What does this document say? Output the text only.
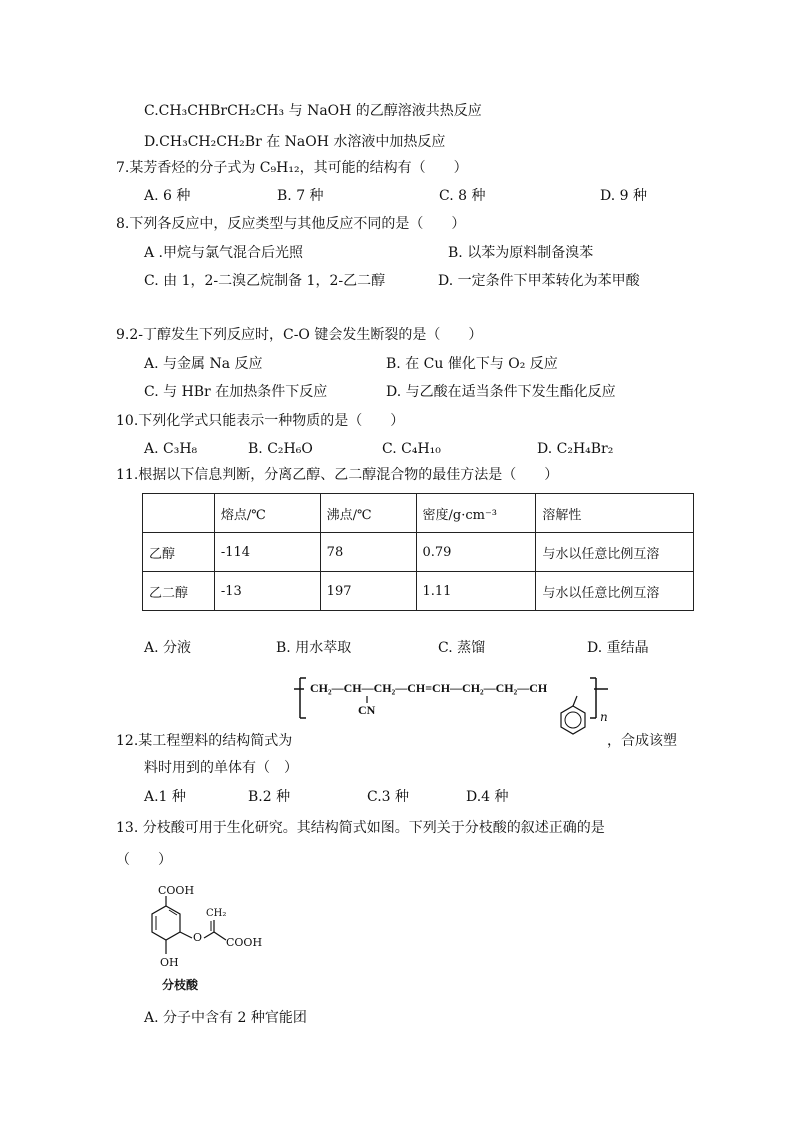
C.CH₃CHBrCH₂CH₃ 与 NaOH 的乙醇溶液共热反应
D.CH₃CH₂CH₂Br 在 NaOH 水溶液中加热反应
7.某芳香烃的分子式为 C₉H₁₂，其可能的结构有（　　）
A. 6 种	B. 7 种	C. 8 种	D. 9 种
8.下列各反应中，反应类型与其他反应不同的是（　　）
A .甲烷与氯气混合后光照	B. 以苯为原料制备溴苯
C. 由 1，2-二溴乙烷制备 1，2-乙二醇	D. 一定条件下甲苯转化为苯甲酸
9.2-丁醇发生下列反应时，C-O 键会发生断裂的是（　　）
A. 与金属 Na 反应	B. 在 Cu 催化下与 O₂ 反应
C. 与 HBr 在加热条件下反应	D. 与乙酸在适当条件下发生酯化反应
10.下列化学式只能表示一种物质的是（　　）
A. C₃H₈	B. C₂H₆O	C. C₄H₁₀	D. C₂H₄Br₂
11.根据以下信息判断，分离乙醇、乙二醇混合物的最佳方法是（　　）
	熔点/℃	沸点/℃	密度/g·cm⁻³	溶解性
乙醇	-114	78	0.79	与水以任意比例互溶
乙二醇	-13	197	1.11	与水以任意比例互溶
A. 分液	B. 用水萃取	C. 蒸馏	D. 重结晶
CH₂—CH—CH₂—CH=CH—CH₂—CH₂—CH
CN	n
12.某工程塑料的结构简式为	，合成该塑
料时用到的单体有（　）
A.1 种	B.2 种	C.3 种	D.4 种
13. 分枝酸可用于生化研究。其结构简式如图。下列关于分枝酸的叙述正确的是
（　　）
COOH
CH₂
O COOH
OH
分枝酸
A. 分子中含有 2 种官能团
